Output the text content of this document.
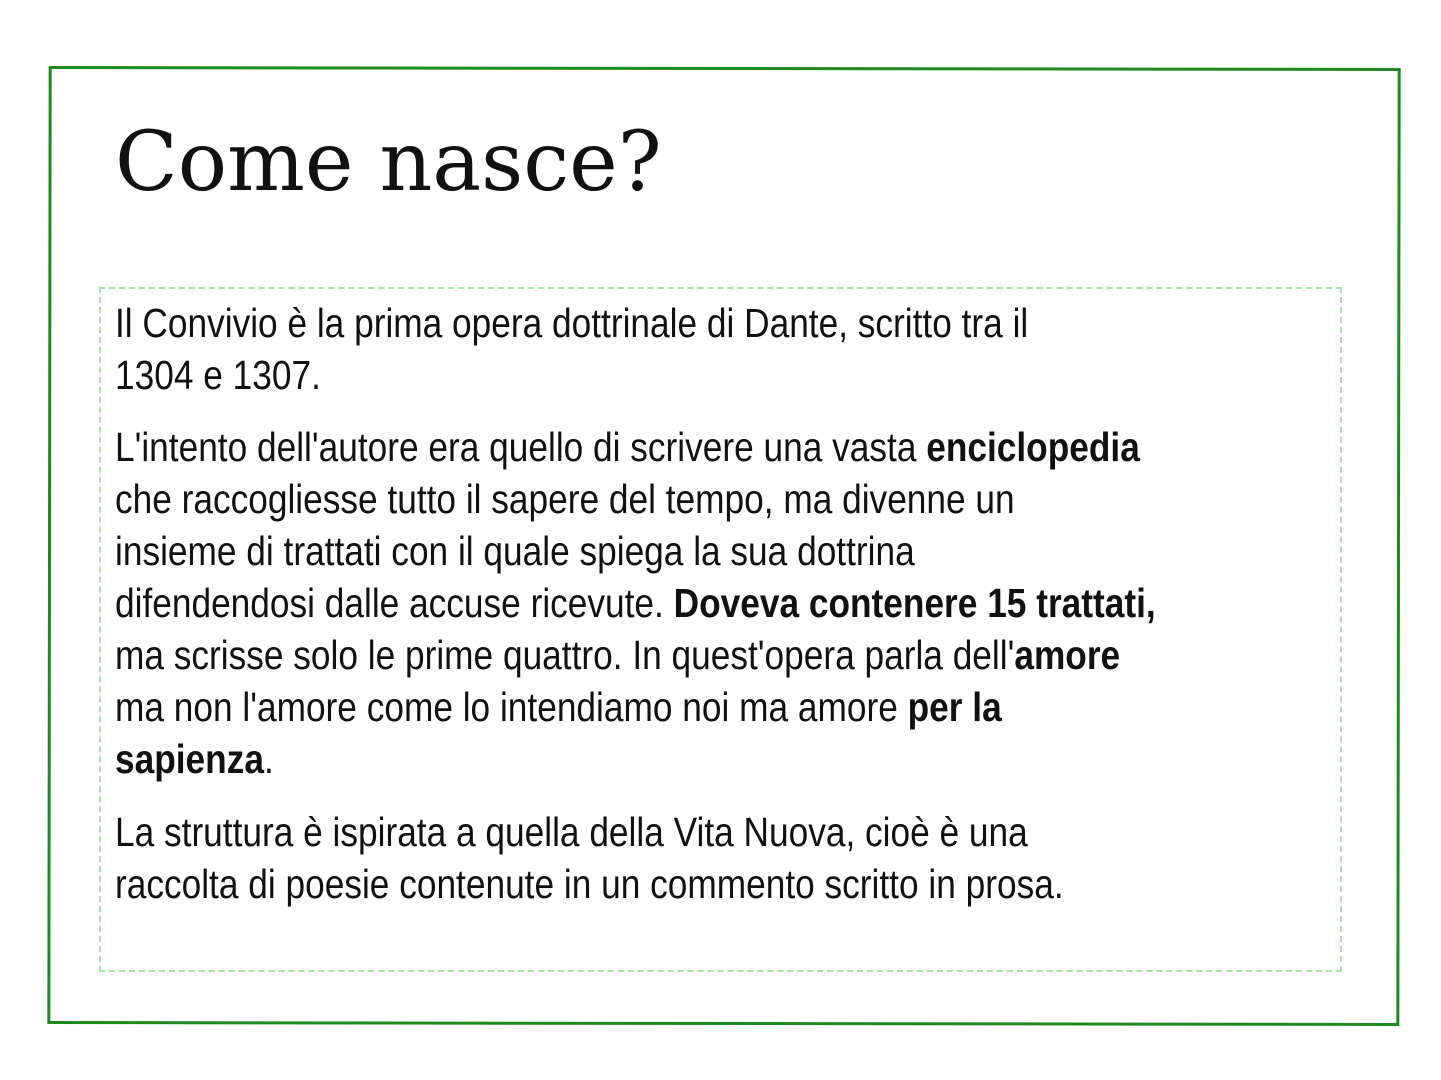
Come nasce?

Il Convivio è la prima opera dottrinale di Dante, scritto tra il
1304 e 1307.

L'intento dell'autore era quello di scrivere una vasta enciclopedia
che raccogliesse tutto il sapere del tempo, ma divenne un
insieme di trattati con il quale spiega la sua dottrina
difendendosi dalle accuse ricevute. Doveva contenere 15 trattati,
ma scrisse solo le prime quattro. In quest'opera parla dell'amore
ma non l'amore come lo intendiamo noi ma amore per la
sapienza.

La struttura è ispirata a quella della Vita Nuova, cioè è una
raccolta di poesie contenute in un commento scritto in prosa.
